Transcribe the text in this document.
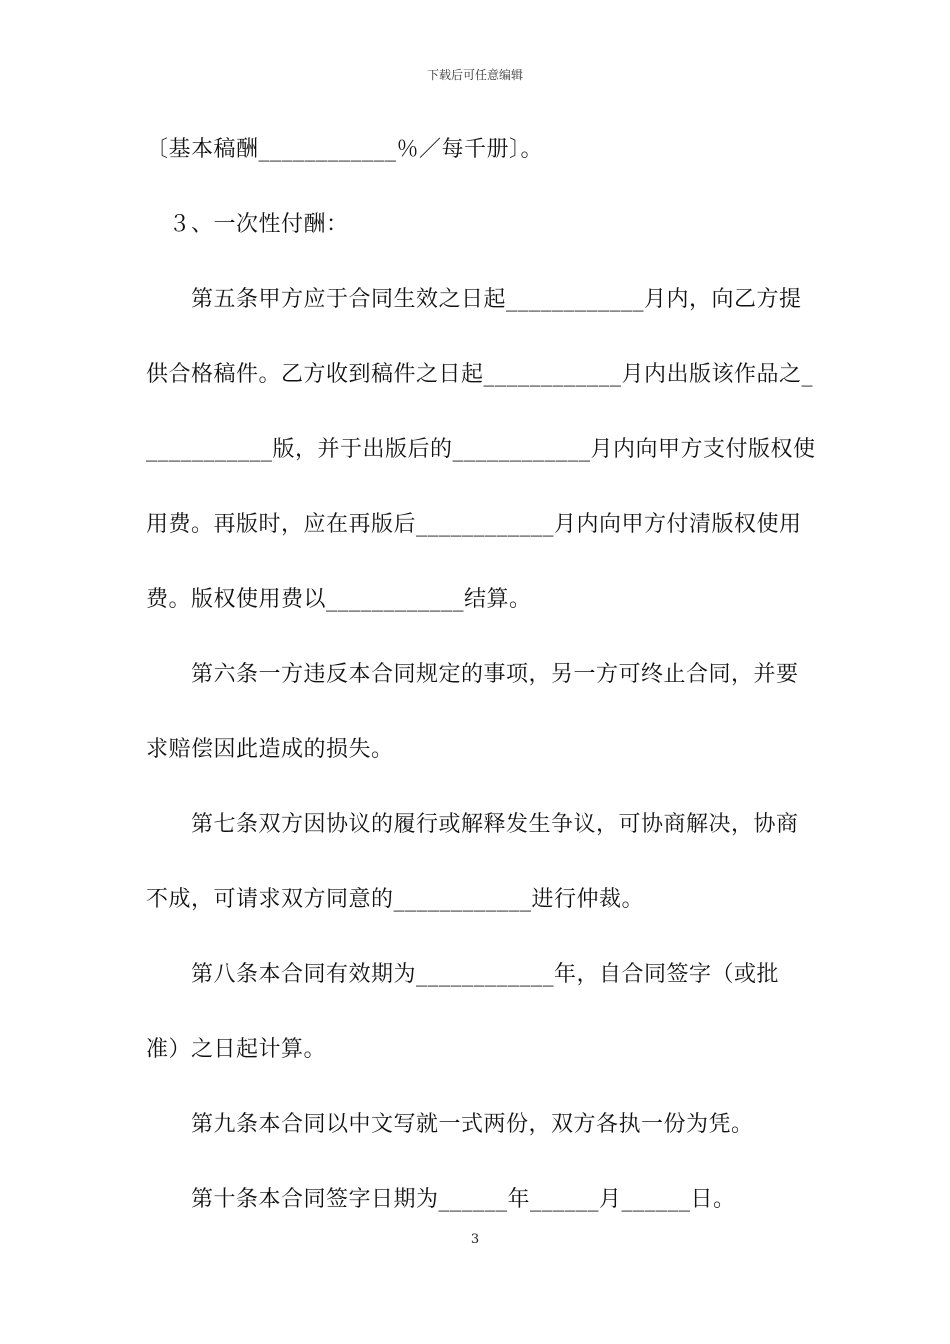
下载后可任意编辑
〔基本稿酬____________％／每千册〕。
　３、一次性付酬：
　　第五条甲方应于合同生效之日起____________月内，向乙方提
供合格稿件。乙方收到稿件之日起____________月内出版该作品之_
___________版，并于出版后的____________月内向甲方支付版权使
用费。再版时，应在再版后____________月内向甲方付清版权使用
费。版权使用费以____________结算。
　　第六条一方违反本合同规定的事项，另一方可终止合同，并要
求赔偿因此造成的损失。
　　第七条双方因协议的履行或解释发生争议，可协商解决，协商
不成，可请求双方同意的____________进行仲裁。
　　第八条本合同有效期为____________年，自合同签字（或批
准）之日起计算。
　　第九条本合同以中文写就一式两份，双方各执一份为凭。
　　第十条本合同签字日期为______年______月______日。
3
